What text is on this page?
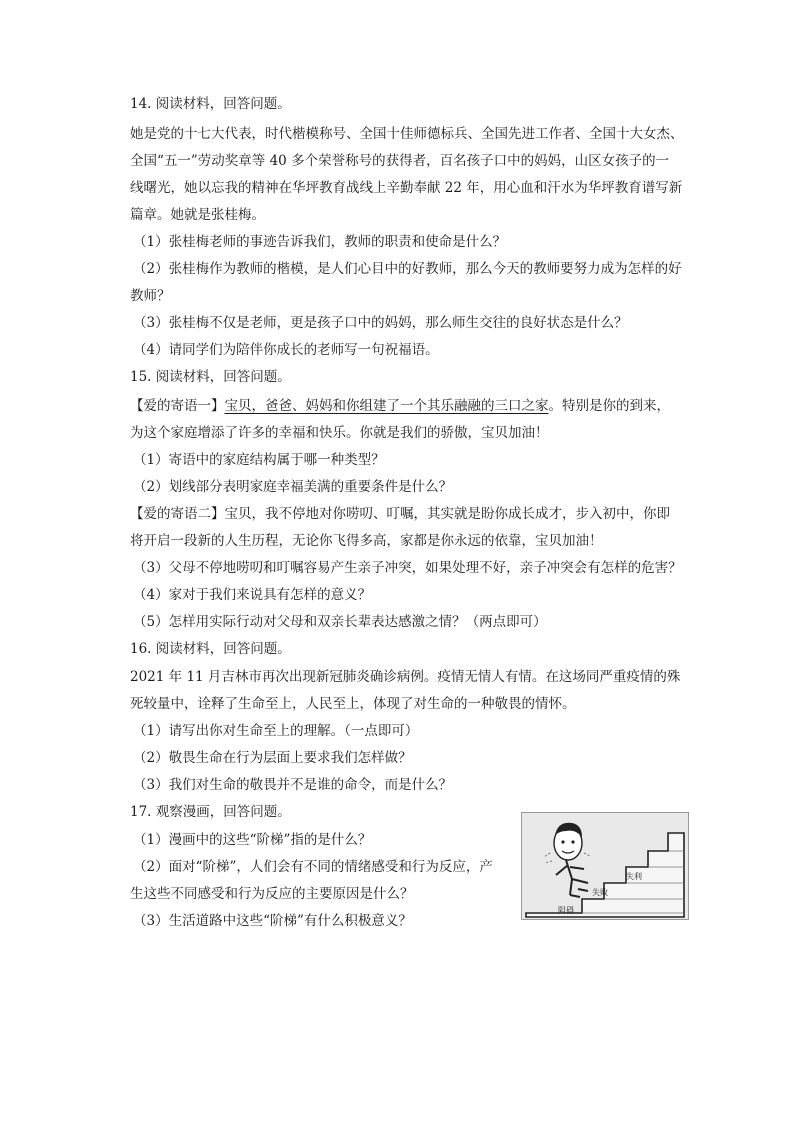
14. 阅读材料，回答问题。
她是党的十七大代表，时代楷模称号、全国十佳师德标兵、全国先进工作者、全国十大女杰、
全国“五一”劳动奖章等 40 多个荣誉称号的获得者，百名孩子口中的妈妈，山区女孩子的一
线曙光，她以忘我的精神在华坪教育战线上辛勤奉献 22 年，用心血和汗水为华坪教育谱写新
篇章。她就是张桂梅。
（1）张桂梅老师的事迹告诉我们，教师的职责和使命是什么？
（2）张桂梅作为教师的楷模，是人们心目中的好教师，那么今天的教师要努力成为怎样的好
教师？
（3）张桂梅不仅是老师，更是孩子口中的妈妈，那么师生交往的良好状态是什么？
（4）请同学们为陪伴你成长的老师写一句祝福语。
15. 阅读材料，回答问题。
【爱的寄语一】宝贝，爸爸、妈妈和你组建了一个其乐融融的三口之家。特别是你的到来，
为这个家庭增添了许多的幸福和快乐。你就是我们的骄傲，宝贝加油！
（1）寄语中的家庭结构属于哪一种类型？
（2）划线部分表明家庭幸福美满的重要条件是什么？
【爱的寄语二】宝贝，我不停地对你唠叨、叮嘱，其实就是盼你成长成才，步入初中，你即
将开启一段新的人生历程，无论你飞得多高，家都是你永远的依靠，宝贝加油！
（3）父母不停地唠叨和叮嘱容易产生亲子冲突，如果处理不好，亲子冲突会有怎样的危害？
（4）家对于我们来说具有怎样的意义？
（5）怎样用实际行动对父母和双亲长辈表达感激之情？（两点即可）
16. 阅读材料，回答问题。
2021 年 11 月吉林市再次出现新冠肺炎确诊病例。疫情无情人有情。在这场同严重疫情的殊
死较量中，诠释了生命至上，人民至上，体现了对生命的一种敬畏的情怀。
（1）请写出你对生命至上的理解。（一点即可）
（2）敬畏生命在行为层面上要求我们怎样做？
（3）我们对生命的敬畏并不是谁的命令，而是什么？
17. 观察漫画，回答问题。
（1）漫画中的这些“阶梯”指的是什么？
（2）面对“阶梯”，人们会有不同的情绪感受和行为反应，产
生这些不同感受和行为反应的主要原因是什么？
（3）生活道路中这些“阶梯”有什么积极意义？
失利
失败
阻碍
